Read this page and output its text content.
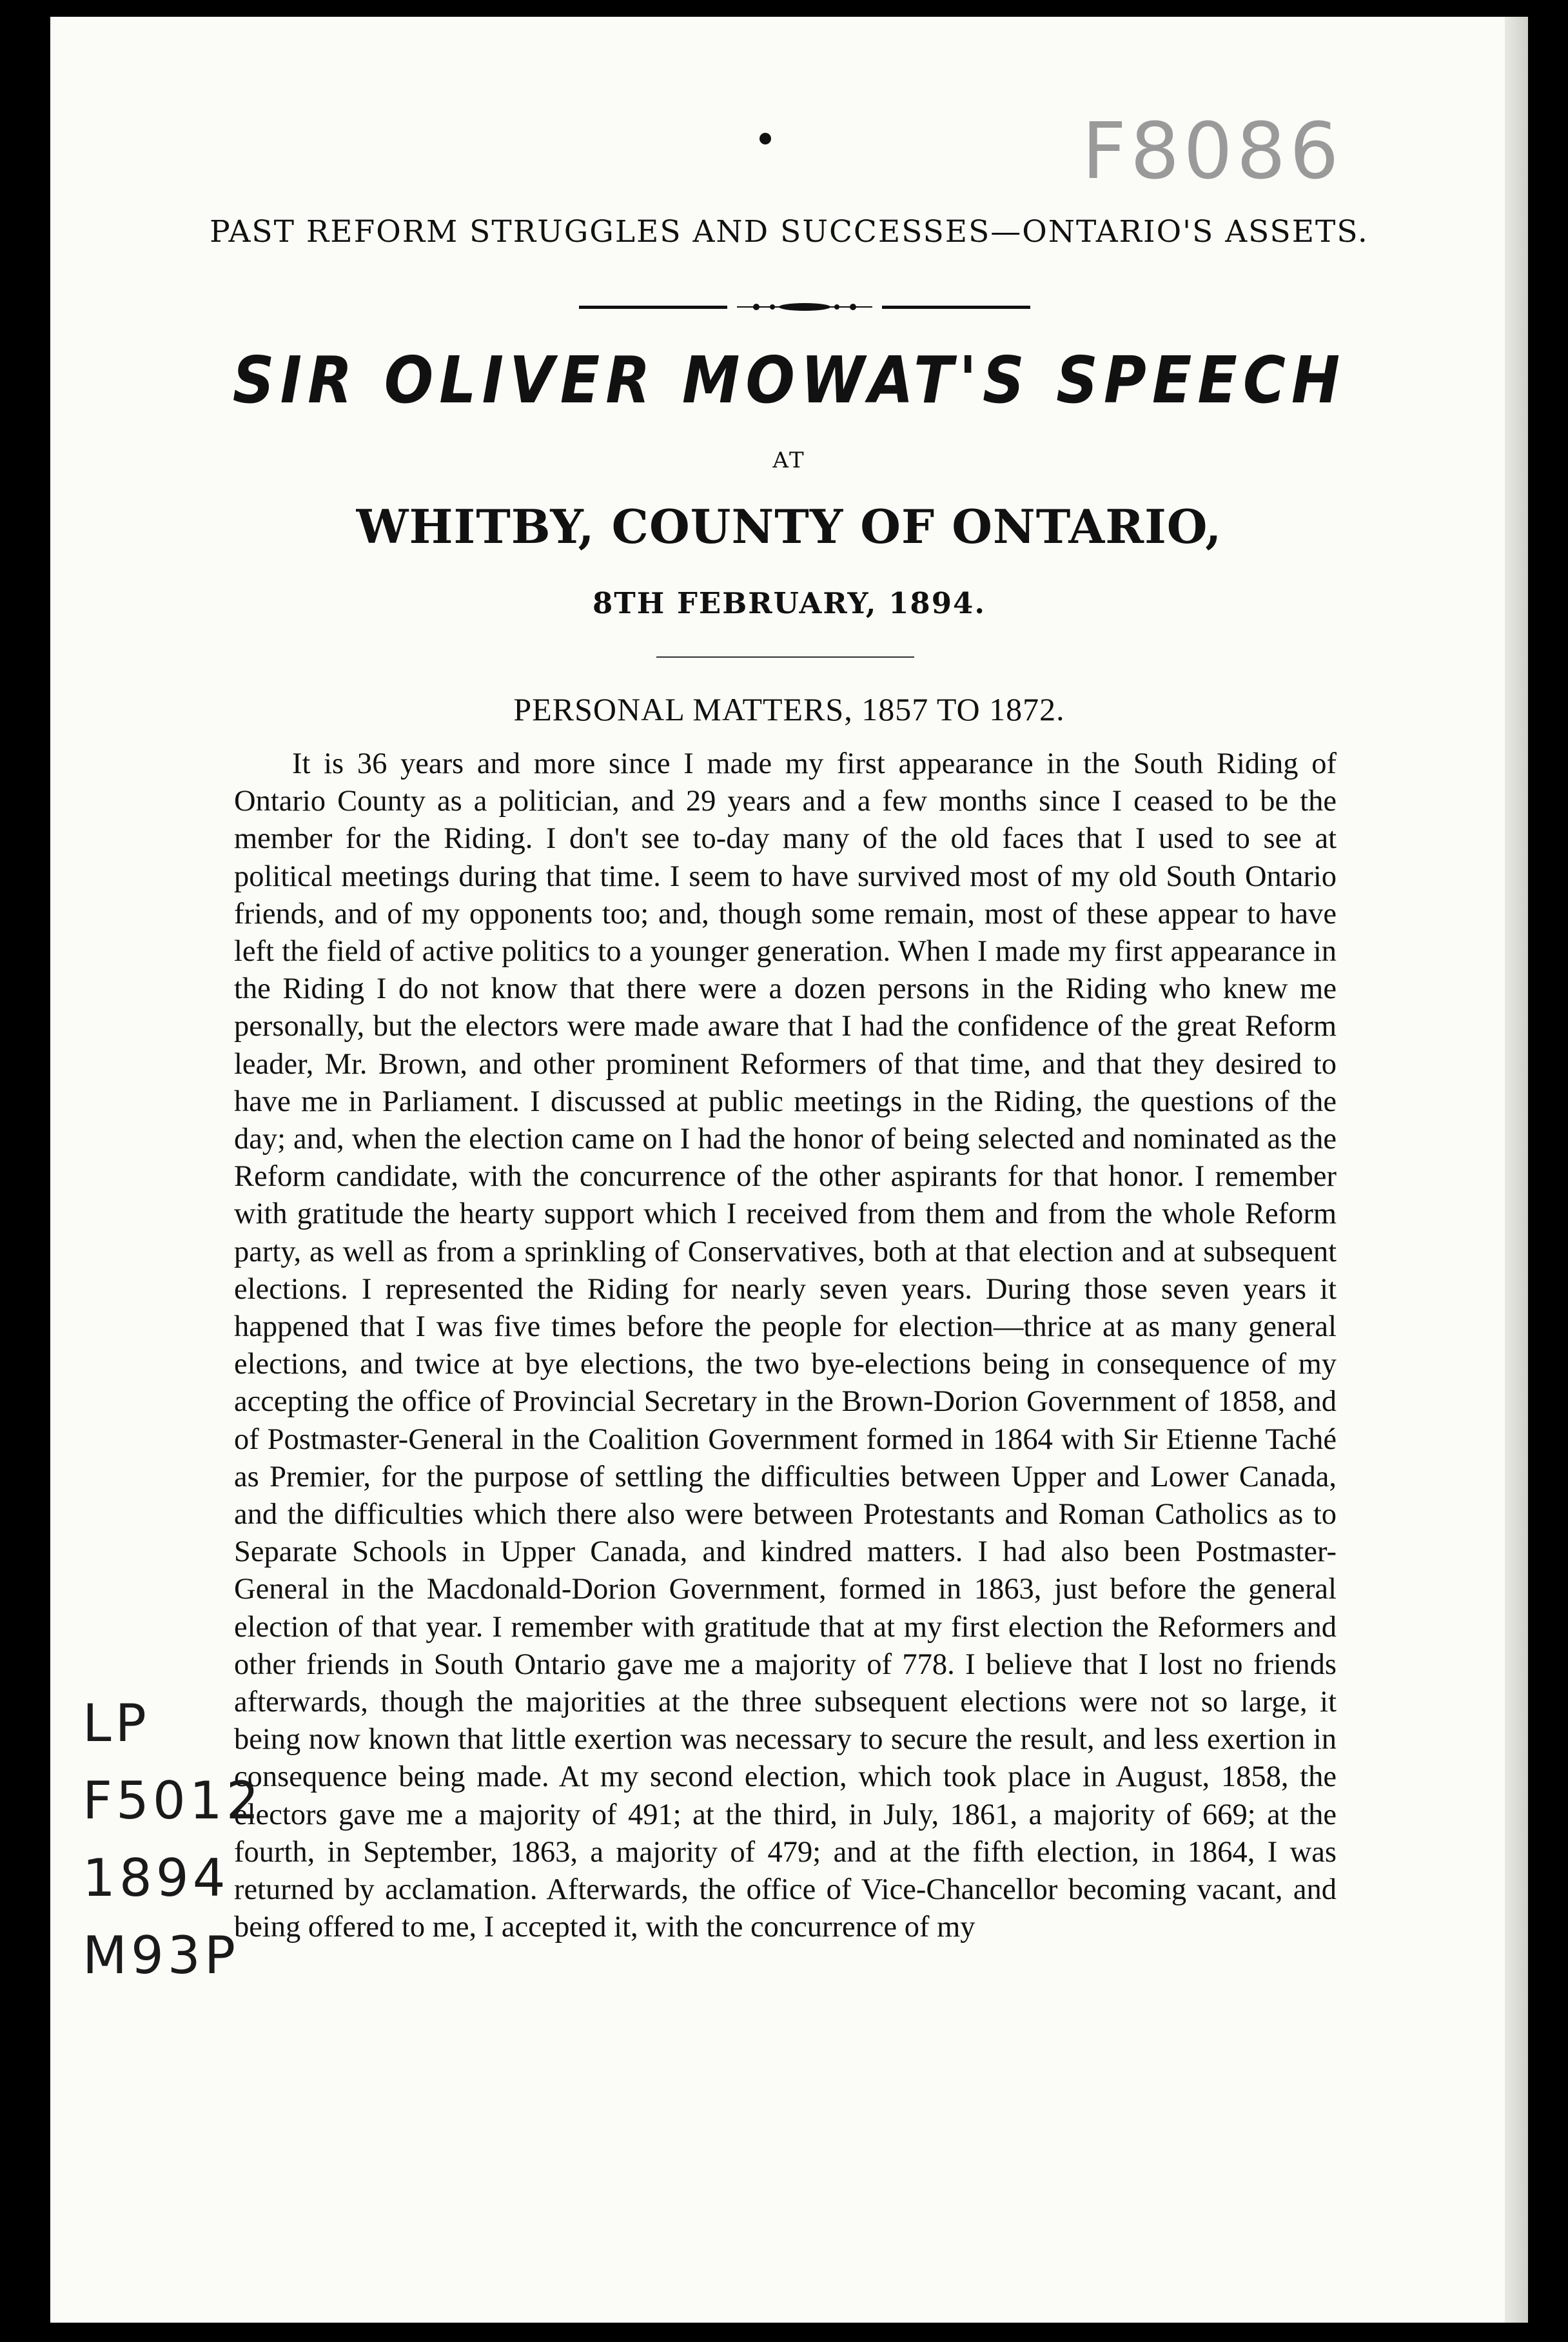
F8086
PAST REFORM STRUGGLES AND SUCCESSES—ONTARIO'S ASSETS.
SIR OLIVER MOWAT'S SPEECH
AT
WHITBY, COUNTY OF ONTARIO,
8TH FEBRUARY, 1894.
PERSONAL MATTERS, 1857 TO 1872.

It is 36 years and more since I made my first appearance in the South Riding of Ontario County as a politician, and 29 years and a few months since I ceased to be the member for the Riding. I don't see to-day many of the old faces that I used to see at political meetings during that time. I seem to have survived most of my old South Ontario friends, and of my opponents too; and, though some remain, most of these appear to have left the field of active politics to a younger generation. When I made my first appearance in the Riding I do not know that there were a dozen persons in the Riding who knew me personally, but the electors were made aware that I had the confidence of the great Reform leader, Mr. Brown, and other prominent Reformers of that time, and that they desired to have me in Parliament. I discussed at public meetings in the Riding, the questions of the day; and, when the election came on I had the honor of being selected and nominated as the Reform candidate, with the concurrence of the other aspirants for that honor. I remember with gratitude the hearty support which I received from them and from the whole Reform party, as well as from a sprinkling of Conservatives, both at that election and at subsequent elections. I represented the Riding for nearly seven years. During those seven years it happened that I was five times before the people for election—thrice at as many general elections, and twice at bye elections, the two bye-elections being in consequence of my accepting the office of Provincial Secretary in the Brown-Dorion Government of 1858, and of Postmaster-General in the Coalition Government formed in 1864 with Sir Etienne Taché as Premier, for the purpose of settling the difficulties between Upper and Lower Canada, and the difficulties which there also were between Protestants and Roman Catholics as to Separate Schools in Upper Canada, and kindred matters. I had also been Postmaster-General in the Macdonald-Dorion Government, formed in 1863, just before the general election of that year. I remember with gratitude that at my first election the Reformers and other friends in South Ontario gave me a majority of 778. I believe that I lost no friends afterwards, though the majorities at the three subsequent elections were not so large, it being now known that little exertion was necessary to secure the result, and less exertion in consequence being made. At my second election, which took place in August, 1858, the electors gave me a majority of 491; at the third, in July, 1861, a majority of 669; at the fourth, in September, 1863, a majority of 479; and at the fifth election, in 1864, I was returned by acclamation. Afterwards, the office of Vice-Chancellor becoming vacant, and being offered to me, I accepted it, with the concurrence of my

LP
F5012
1894
M93P
